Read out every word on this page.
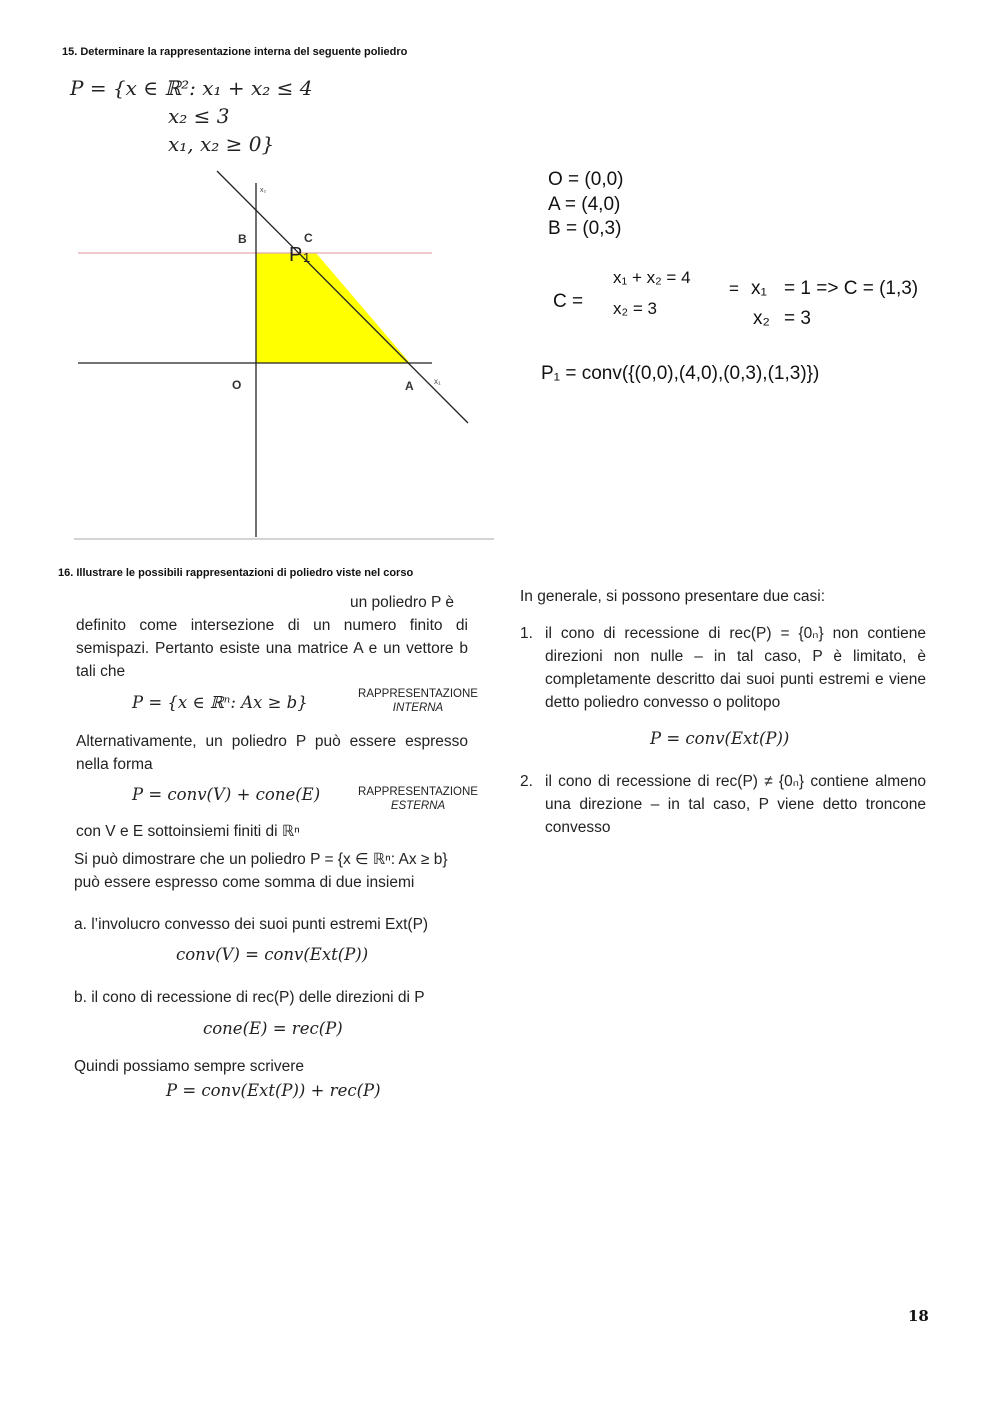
15. Determinare la rappresentazione interna del seguente poliedro
P = {x ∈ ℝ²: x₁ + x₂ ≤ 4
x₂ ≤ 3
x₁, x₂ ≥ 0}
x₂
x₁
O	A
B	C
P 1
O = (0,0)
A = (4,0)
B = (0,3)
C =
x₁ + x₂ = 4
x₂ = 3
= x₁ = 1 => C = (1,3)
x₂ = 3
P₁ = conv({(0,0),(4,0),(0,3),(1,3)})
16. Illustrare le possibili rappresentazioni di poliedro viste nel corso
un poliedro P è
definito come intersezione di un numero finito di semispazi. Pertanto esiste una matrice A e un vettore b tali che
P = {x ∈ ℝⁿ: Ax ≥ b}	RAPPRESENTAZIONE
INTERNA
Alternativamente, un poliedro P può essere espresso nella forma
P = conv(V) + cone(E)	RAPPRESENTAZIONE
ESTERNA
con V e E sottoinsiemi finiti di ℝⁿ
Si può dimostrare che un poliedro P = {x ∈ ℝⁿ: Ax ≥ b} può essere espresso come somma di due insiemi
a. l’involucro convesso dei suoi punti estremi Ext(P)
conv(V) = conv(Ext(P))
b. il cono di recessione di rec(P) delle direzioni di P
cone(E) = rec(P)
Quindi possiamo sempre scrivere
P = conv(Ext(P)) + rec(P)
In generale, si possono presentare due casi:
1. il cono di recessione di rec(P) = {0ₙ} non contiene direzioni non nulle – in tal caso, P è limitato, è completamente descritto dai suoi punti estremi e viene detto poliedro convesso o politopo
P = conv(Ext(P))
2. il cono di recessione di rec(P) ≠ {0ₙ} contiene almeno una direzione – in tal caso, P viene detto troncone convesso
18
